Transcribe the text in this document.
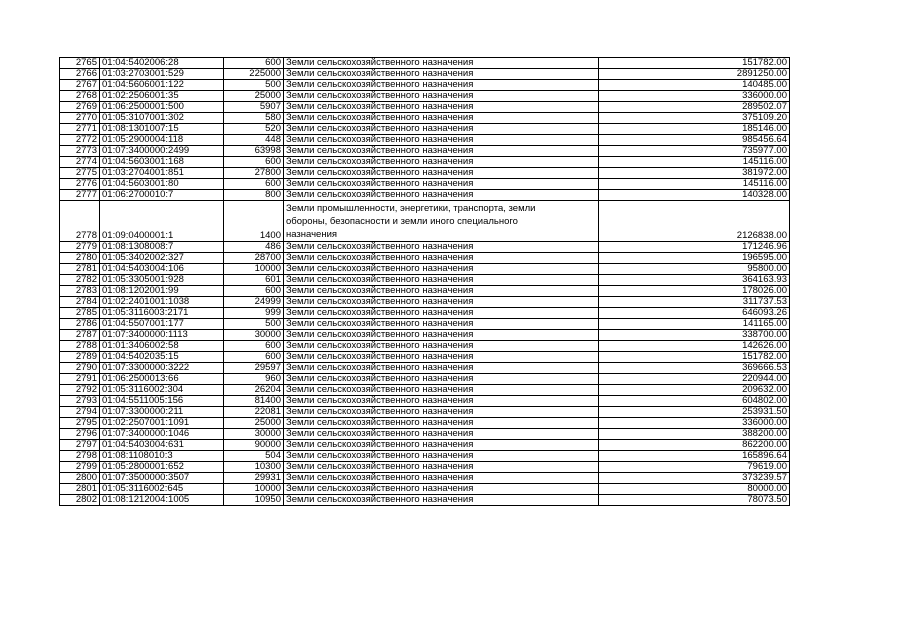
2765	01:04:5402006:28	600	Земли сельскохозяйственного назначения	151782.00
2766	01:03:2703001:529	225000	Земли сельскохозяйственного назначения	2891250.00
2767	01:04:5606001:122	500	Земли сельскохозяйственного назначения	140485.00
2768	01:02:2506001:35	25000	Земли сельскохозяйственного назначения	336000.00
2769	01:06:2500001:500	5907	Земли сельскохозяйственного назначения	289502.07
2770	01:05:3107001:302	580	Земли сельскохозяйственного назначения	375109.20
2771	01:08:1301007:15	520	Земли сельскохозяйственного назначения	185146.00
2772	01:05:2900004:118	448	Земли сельскохозяйственного назначения	985456.64
2773	01:07:3400000:2499	63998	Земли сельскохозяйственного назначения	735977.00
2774	01:04:5603001:168	600	Земли сельскохозяйственного назначения	145116.00
2775	01:03:2704001:851	27800	Земли сельскохозяйственного назначения	381972.00
2776	01:04:5603001:80	600	Земли сельскохозяйственного назначения	145116.00
2777	01:06:2700010:7	800	Земли сельскохозяйственного назначения	140328.00
2778	01:09:0400001:1	1400	Земли промышленности, энергетики, транспорта, земли
обороны, безопасности и земли иного специального
назначения	2126838.00
2779	01:08:1308008:7	486	Земли сельскохозяйственного назначения	171246.96
2780	01:05:3402002:327	28700	Земли сельскохозяйственного назначения	196595.00
2781	01:04:5403004:106	10000	Земли сельскохозяйственного назначения	95800.00
2782	01:05:3305001:928	601	Земли сельскохозяйственного назначения	364163.93
2783	01:08:1202001:99	600	Земли сельскохозяйственного назначения	178026.00
2784	01:02:2401001:1038	24999	Земли сельскохозяйственного назначения	311737.53
2785	01:05:3116003:2171	999	Земли сельскохозяйственного назначения	646093.26
2786	01:04:5507001:177	500	Земли сельскохозяйственного назначения	141165.00
2787	01:07:3400000:1113	30000	Земли сельскохозяйственного назначения	338700.00
2788	01:01:3406002:58	600	Земли сельскохозяйственного назначения	142626.00
2789	01:04:5402035:15	600	Земли сельскохозяйственного назначения	151782.00
2790	01:07:3300000:3222	29597	Земли сельскохозяйственного назначения	369666.53
2791	01:06:2500013:66	960	Земли сельскохозяйственного назначения	220944.00
2792	01:05:3116002:304	26204	Земли сельскохозяйственного назначения	209632.00
2793	01:04:5511005:156	81400	Земли сельскохозяйственного назначения	604802.00
2794	01:07:3300000:211	22081	Земли сельскохозяйственного назначения	253931.50
2795	01:02:2507001:1091	25000	Земли сельскохозяйственного назначения	336000.00
2796	01:07:3400000:1046	30000	Земли сельскохозяйственного назначения	388200.00
2797	01:04:5403004:631	90000	Земли сельскохозяйственного назначения	862200.00
2798	01:08:1108010:3	504	Земли сельскохозяйственного назначения	165896.64
2799	01:05:2800001:652	10300	Земли сельскохозяйственного назначения	79619.00
2800	01:07:3500000:3507	29931	Земли сельскохозяйственного назначения	373239.57
2801	01:05:3116002:645	10000	Земли сельскохозяйственного назначения	80000.00
2802	01:08:1212004:1005	10950	Земли сельскохозяйственного назначения	78073.50
